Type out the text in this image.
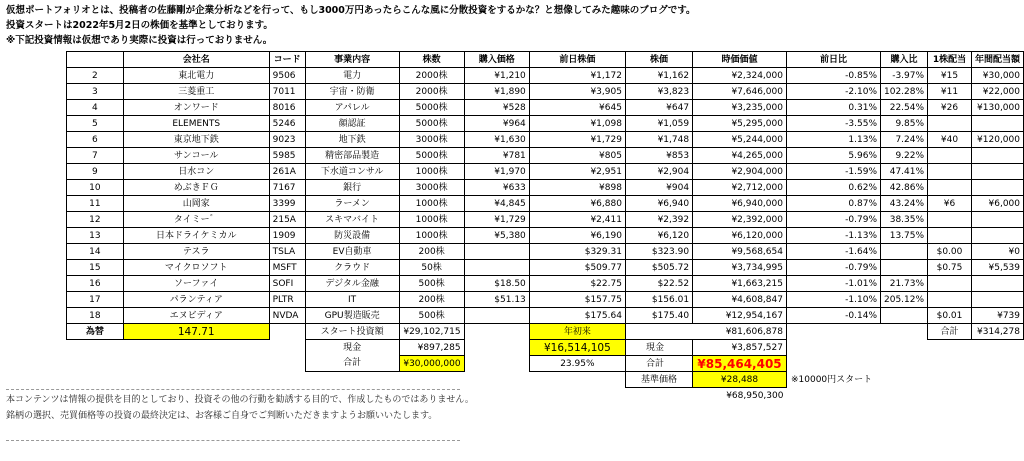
仮想ポートフォリオとは、投稿者の佐藤剛が企業分析などを行って、もし3000万円あったらこんな風に分散投資をするかな？と想像してみた趣味のブログです。
投資スタートは2022年5月2日の株価を基準としております。
※下記投資情報は仮想であり実際に投資は行っておりません。
	会社名	コード	事業内容	株数	購入価格	前日株価	株価	時価価値	前日比	購入比	1株配当	年間配当額
2	東北電力	9506	電力	2000株	¥1,210	¥1,172	¥1,162	¥2,324,000	-0.85%	-3.97%	¥15	¥30,000
3	三菱重工	7011	宇宙・防衛	2000株	¥1,890	¥3,905	¥3,823	¥7,646,000	-2.10%	102.28%	¥11	¥22,000
4	オンワード	8016	アパレル	5000株	¥528	¥645	¥647	¥3,235,000	0.31%	22.54%	¥26	¥130,000
5	ELEMENTS	5246	顔認証	5000株	¥964	¥1,098	¥1,059	¥5,295,000	-3.55%	9.85%		
6	東京地下鉄	9023	地下鉄	3000株	¥1,630	¥1,729	¥1,748	¥5,244,000	1.13%	7.24%	¥40	¥120,000
7	サンコール	5985	精密部品製造	5000株	¥781	¥805	¥853	¥4,265,000	5.96%	9.22%		
9	日水コン	261A	下水道コンサル	1000株	¥1,970	¥2,951	¥2,904	¥2,904,000	-1.59%	47.41%		
10	めぶきＦＧ	7167	銀行	3000株	¥633	¥898	¥904	¥2,712,000	0.62%	42.86%		
11	山岡家	3399	ラーメン	1000株	¥4,845	¥6,880	¥6,940	¥6,940,000	0.87%	43.24%	¥6	¥6,000
12	タイミー゛	215A	スキマバイト	1000株	¥1,729	¥2,411	¥2,392	¥2,392,000	-0.79%	38.35%		
13	日本ドライケミカル	1909	防災設備	1000株	¥5,380	¥6,190	¥6,120	¥6,120,000	-1.13%	13.75%		
14	テスラ	TSLA	EV自動車	200株		$329.31	$323.90	¥9,568,654	-1.64%		$0.00	¥0
15	マイクロソフト	MSFT	クラウド	50株		$509.77	$505.72	¥3,734,995	-0.79%		$0.75	¥5,539
16	ソーファイ	SOFI	デジタル金融	500株	$18.50	$22.75	$22.52	¥1,663,215	-1.01%	21.73%		
17	パランティア	PLTR	IT	200株	$51.13	$157.75	$156.01	¥4,608,847	-1.10%	205.12%		
18	エヌビディア	NVDA	GPU製造販売	500株		$175.64	$175.40	¥12,954,167	-0.14%		$0.01	¥739
為替	147.71		スタート投資額	¥29,102,715		年初来	¥81,606,878				合計	¥314,278
			現金	¥897,285		¥16,514,105	現金	¥3,857,527				
			合計	¥30,000,000		23.95%	合計	¥85,464,405				
							基準価格	¥28,488	※10000円スタート			
								¥68,950,300				
本コンテンツは情報の提供を目的としており、投資その他の行動を勧誘する目的で、作成したものではありません。
銘柄の選択、売買価格等の投資の最終決定は、お客様ご自身でご判断いただきますようお願いいたします。
